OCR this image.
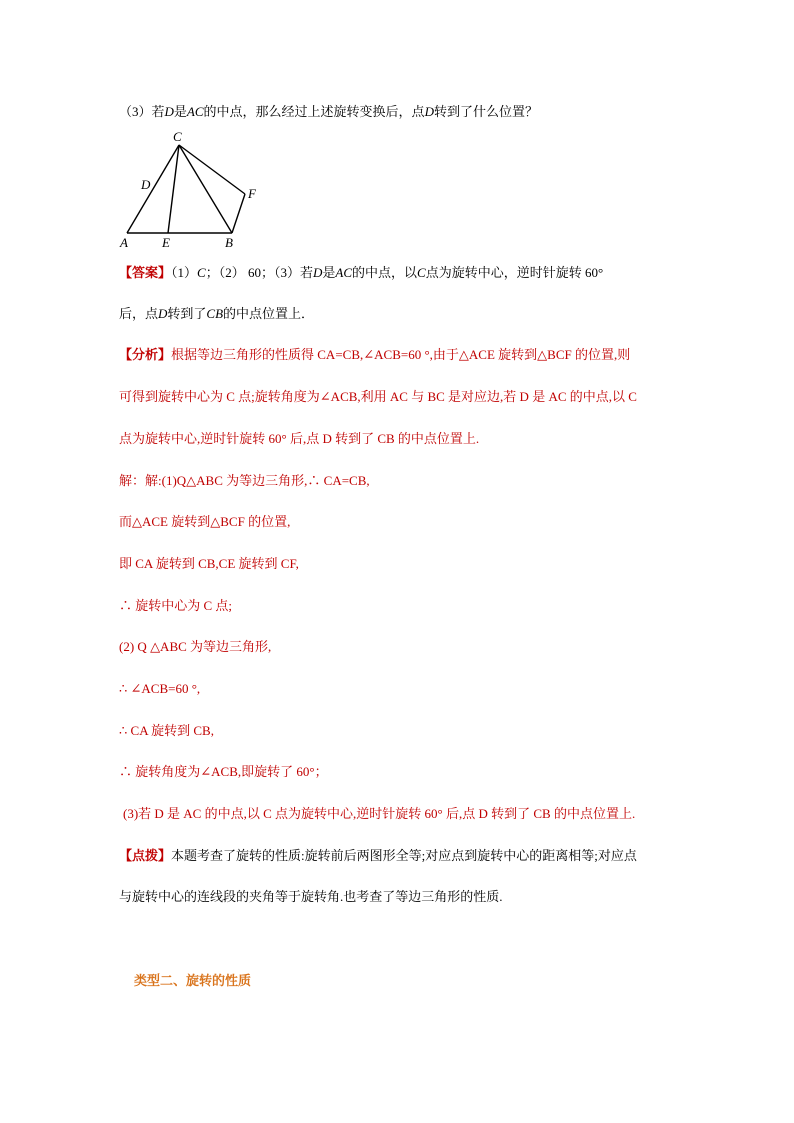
（3）若D是AC的中点，那么经过上述旋转变换后，点D转到了什么位置？
C
D
F
A	E	B
【答案】（1）C；（2） 60；（3）若D是AC的中点，以C点为旋转中心，逆时针旋转 60°
后，点D转到了CB的中点位置上．
【分析】根据等边三角形的性质得 CA=CB,∠ACB=60 °,由于△ACE 旋转到△BCF 的位置,则
可得到旋转中心为 C 点;旋转角度为∠ACB,利用 AC 与 BC 是对应边,若 D 是 AC 的中点,以 C
点为旋转中心,逆时针旋转 60° 后,点 D 转到了 CB 的中点位置上.
解：解:(1)Q△ABC 为等边三角形,∴ CA=CB,
而△ACE 旋转到△BCF 的位置,
即 CA 旋转到 CB,CE 旋转到 CF,
∴ 旋转中心为 C 点;
(2) Q △ABC 为等边三角形,
∴ ∠ACB=60 °,
∴ CA 旋转到 CB,
∴ 旋转角度为∠ACB,即旋转了 60°；
(3)若 D 是 AC 的中点,以 C 点为旋转中心,逆时针旋转 60° 后,点 D 转到了 CB 的中点位置上.
【点拨】本题考查了旋转的性质:旋转前后两图形全等;对应点到旋转中心的距离相等;对应点
与旋转中心的连线段的夹角等于旋转角.也考查了等边三角形的性质.
类型二、旋转的性质
